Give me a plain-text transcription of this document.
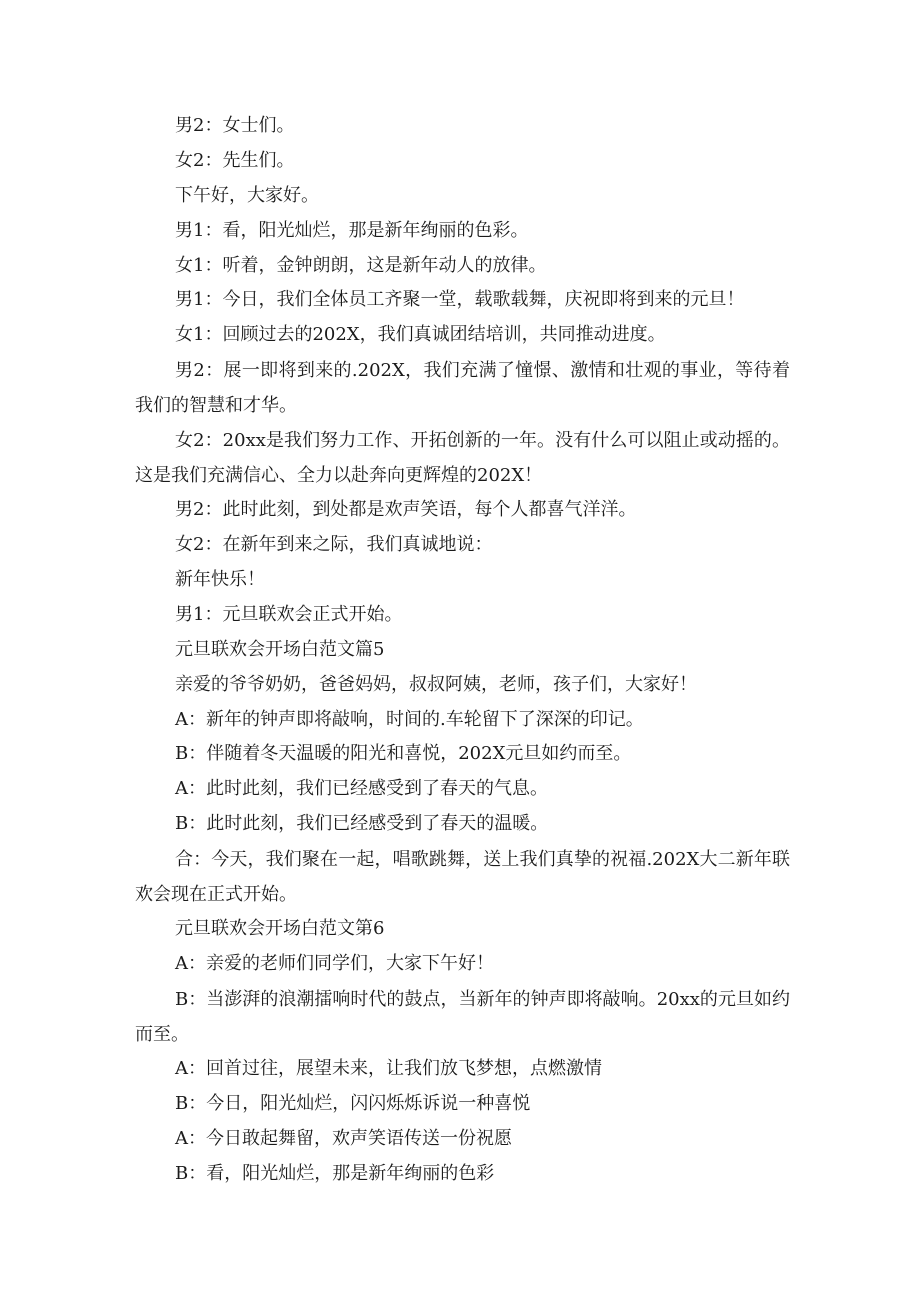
男2：女士们。
女2：先生们。
下午好，大家好。
男1：看，阳光灿烂，那是新年绚丽的色彩。
女1：听着，金钟朗朗，这是新年动人的放律。
男1：今日，我们全体员工齐聚一堂，载歌载舞，庆祝即将到来的元旦！
女1：回顾过去的202X，我们真诚团结培训，共同推动进度。
男2：展一即将到来的.202X，我们充满了憧憬、激情和壮观的事业，等待着我们的智慧和才华。
女2：20xx是我们努力工作、开拓创新的一年。没有什么可以阻止或动摇的。这是我们充满信心、全力以赴奔向更辉煌的202X！
男2：此时此刻，到处都是欢声笑语，每个人都喜气洋洋。
女2：在新年到来之际，我们真诚地说：
新年快乐！
男1：元旦联欢会正式开始。
元旦联欢会开场白范文篇5
亲爱的爷爷奶奶，爸爸妈妈，叔叔阿姨，老师，孩子们，大家好！
A：新年的钟声即将敲响，时间的.车轮留下了深深的印记。
B：伴随着冬天温暖的阳光和喜悦，202X元旦如约而至。
A：此时此刻，我们已经感受到了春天的气息。
B：此时此刻，我们已经感受到了春天的温暖。
合：今天，我们聚在一起，唱歌跳舞，送上我们真挚的祝福.202X大二新年联欢会现在正式开始。
元旦联欢会开场白范文第6
A：亲爱的老师们同学们，大家下午好！
B：当澎湃的浪潮擂响时代的鼓点，当新年的钟声即将敲响。20xx的元旦如约而至。
A：回首过往，展望未来，让我们放飞梦想，点燃激情
B：今日，阳光灿烂，闪闪烁烁诉说一种喜悦
A：今日敢起舞留，欢声笑语传送一份祝愿
B：看，阳光灿烂，那是新年绚丽的色彩
